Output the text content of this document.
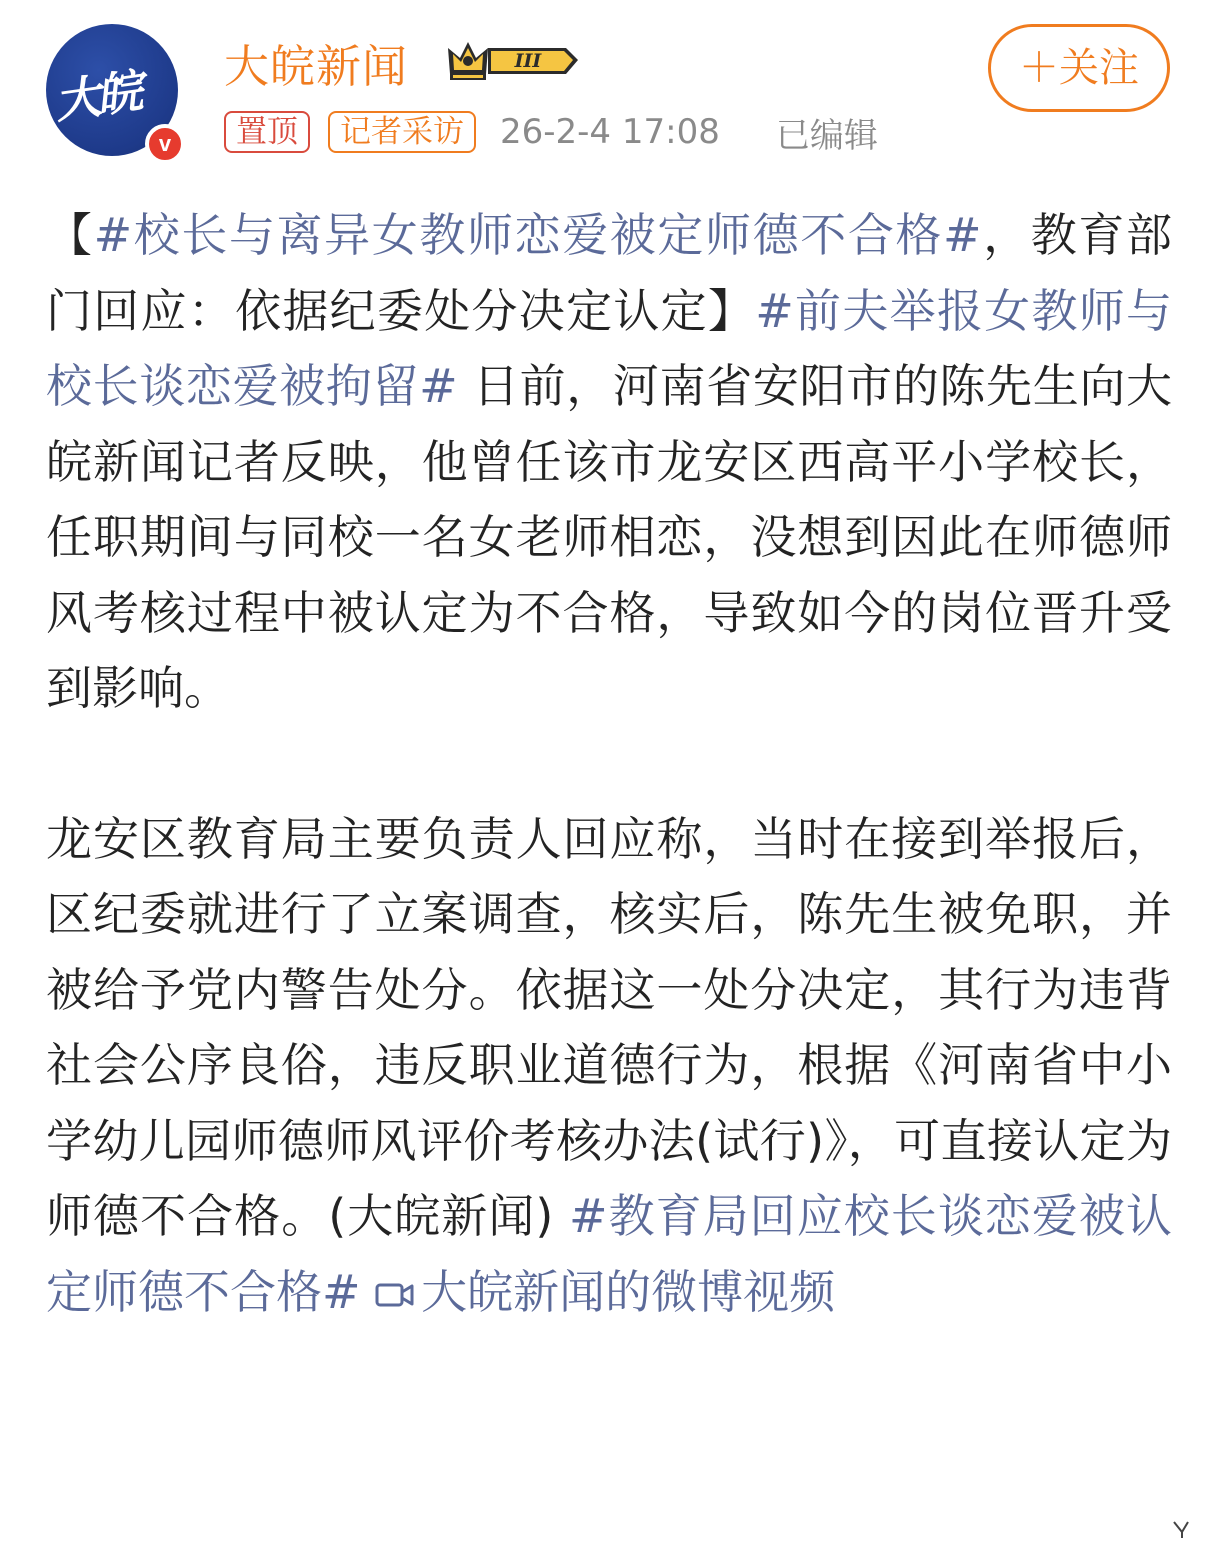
大皖
v
大皖新闻	III	＋关注
置顶	记者采访	26-2-4 17:08 已编辑

【#校长与离异女教师恋爱被定师德不合格#，教育部门回应：依据纪委处分决定认定】#前夫举报女教师与校长谈恋爱被拘留# 日前，河南省安阳市的陈先生向大皖新闻记者反映，他曾任该市龙安区西高平小学校长，任职期间与同校一名女老师相恋，没想到因此在师德师风考核过程中被认定为不合格，导致如今的岗位晋升受到影响。

龙安区教育局主要负责人回应称，当时在接到举报后，区纪委就进行了立案调查，核实后，陈先生被免职，并被给予党内警告处分。依据这一处分决定，其行为违背社会公序良俗，违反职业道德行为，根据《河南省中小学幼儿园师德师风评价考核办法(试行)》，可直接认定为师德不合格。(大皖新闻) #教育局回应校长谈恋爱被认定师德不合格# 大皖新闻的微博视频
